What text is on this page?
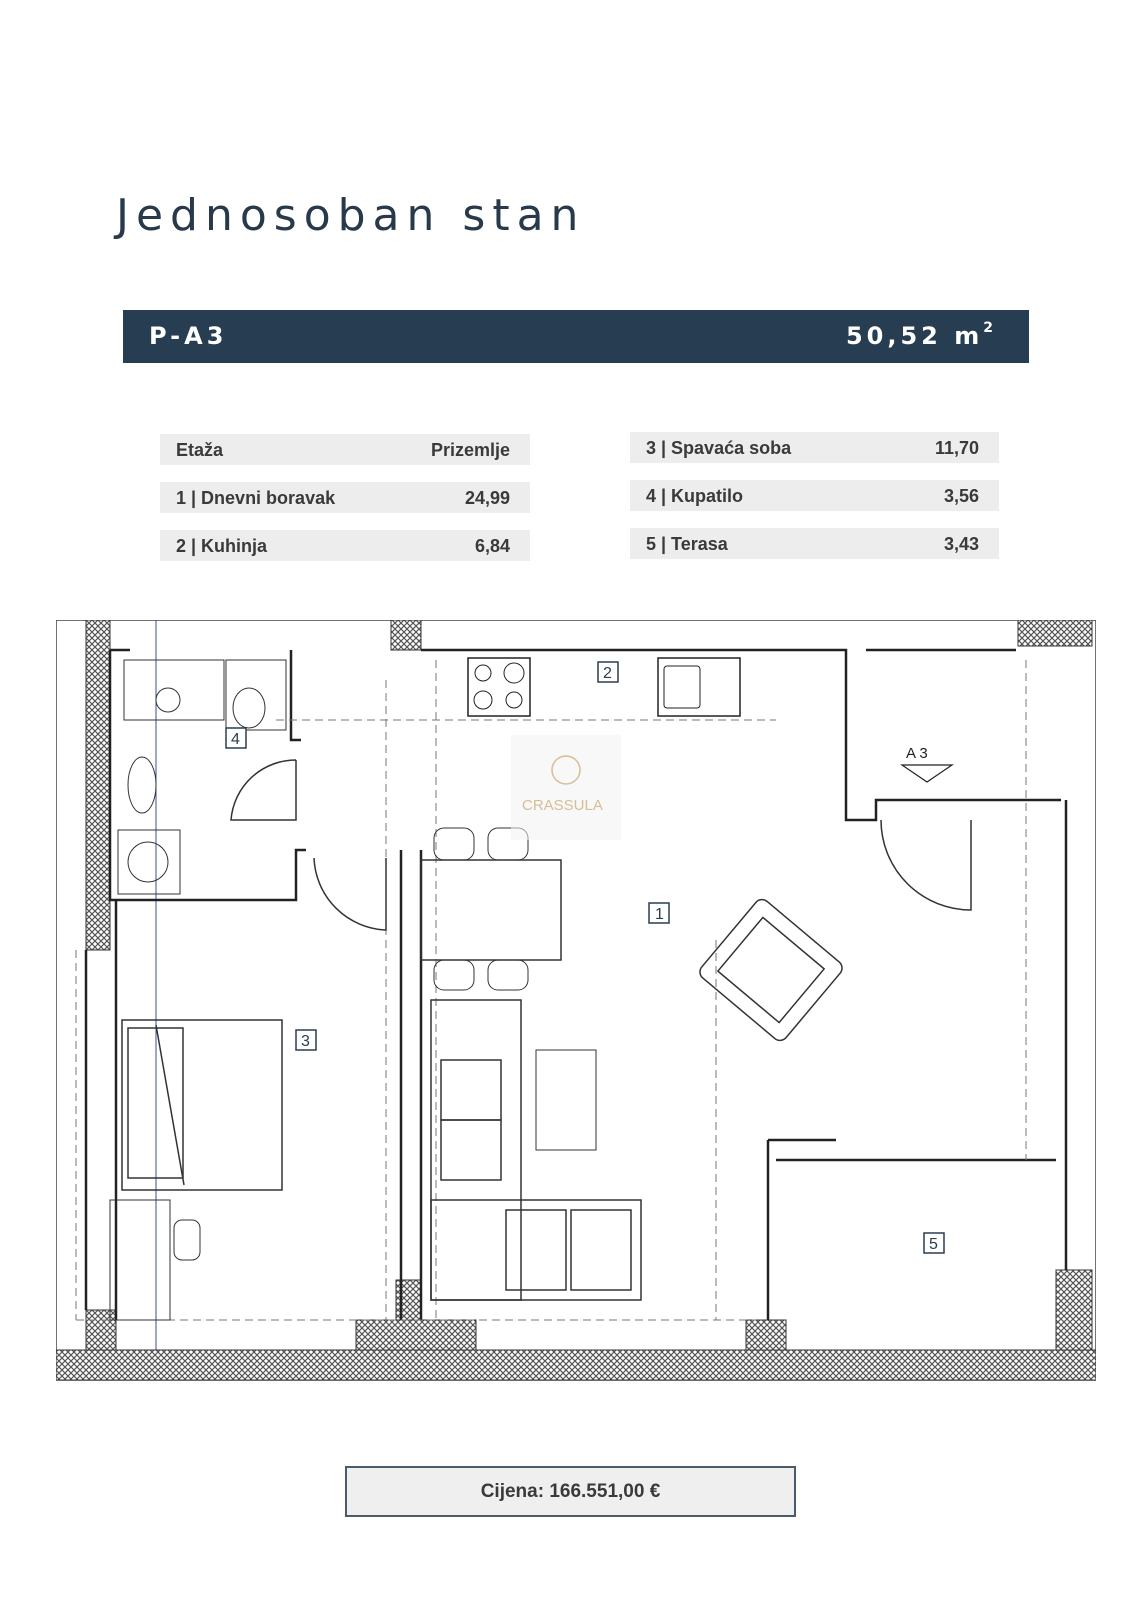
Jednosoban stan
P-A3	50,52 $m^2$
Etaža	Prizemlje
1 | Dnevni boravak	24,99
2 | Kuhinja	6,84
3 | Spavaća soba	11,70
4 | Kupatilo	3,56
5 | Terasa	3,43
1
2
3
4
5
A 3
CRASSULA
Cijena: 166.551,00 €
